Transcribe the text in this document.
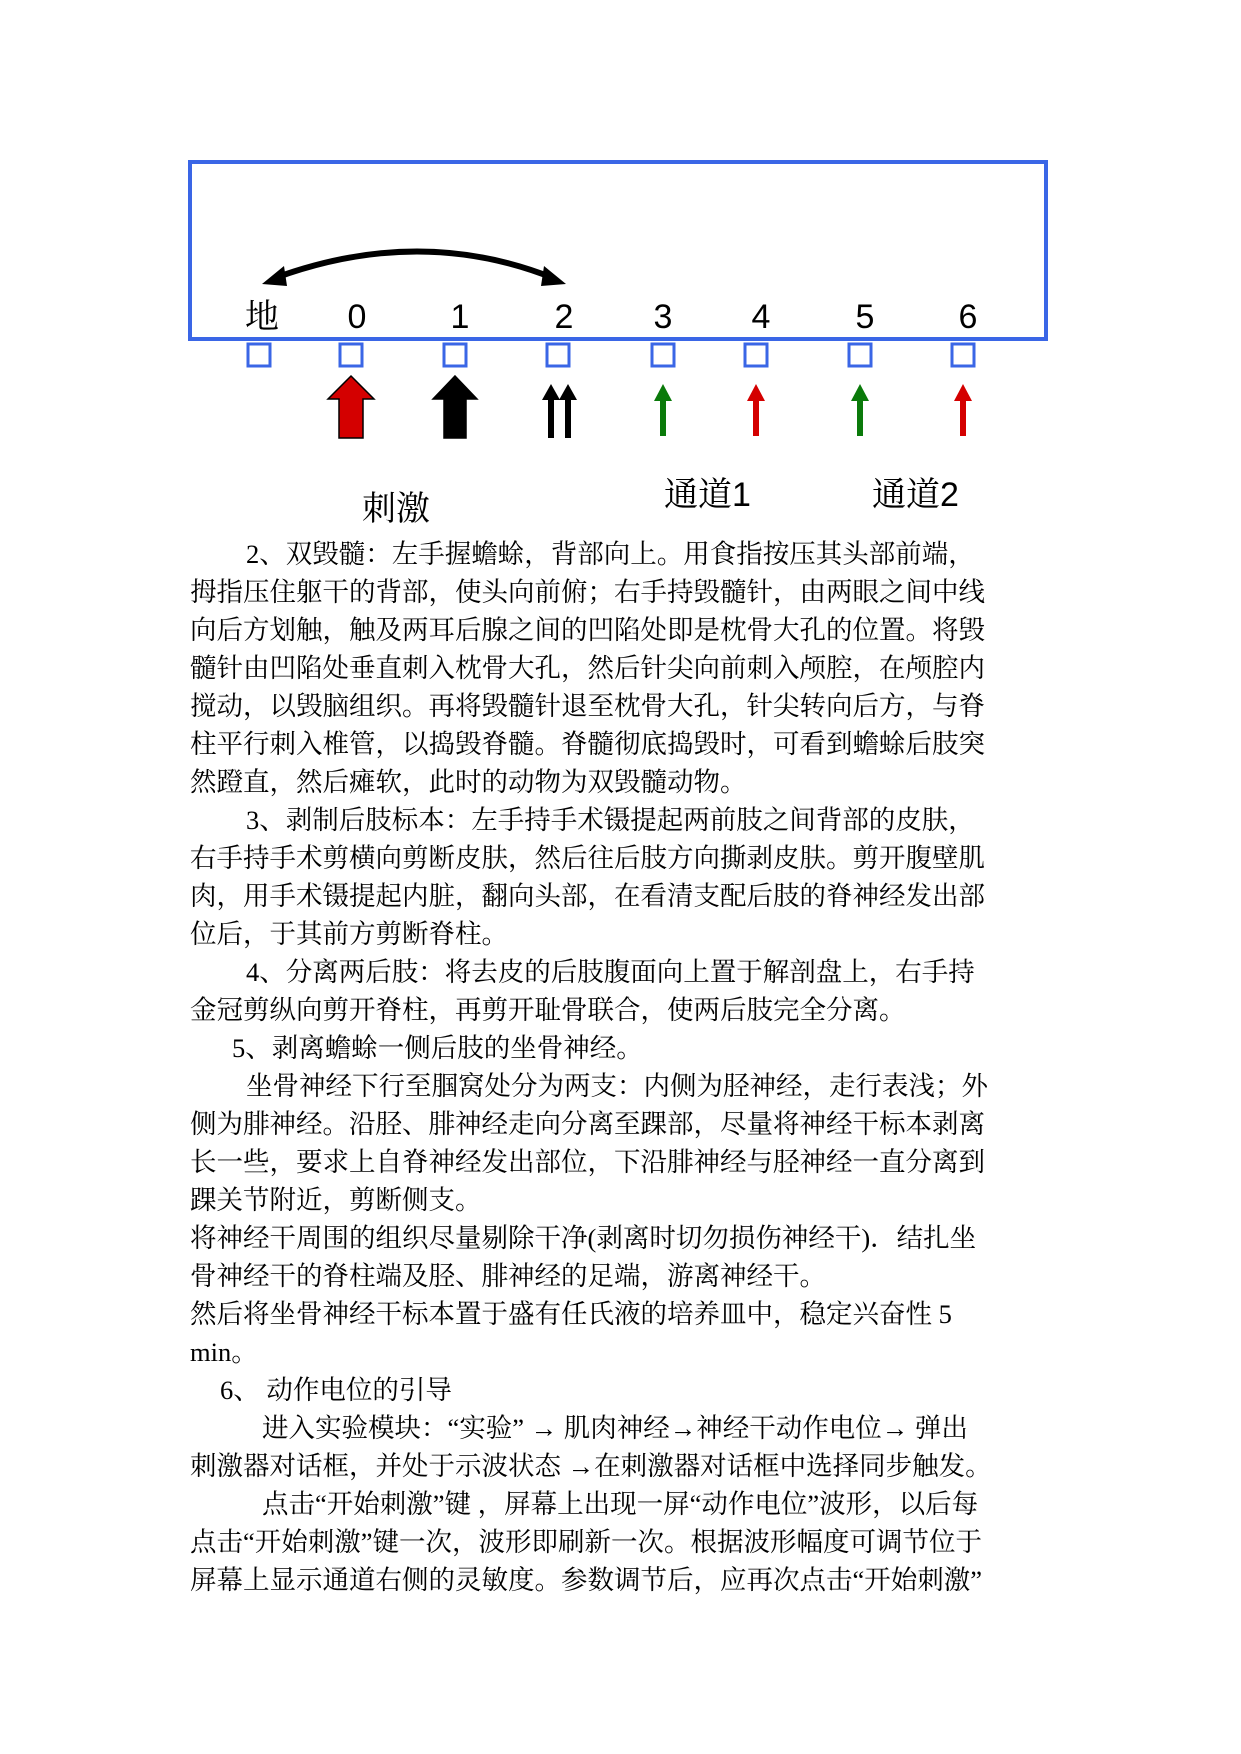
地	0	1	2	3	4	5	6
刺激	通道1	通道2

2、双毁髓：左手握蟾蜍，背部向上。用食指按压其头部前端，

拇指压住躯干的背部，使头向前俯；右手持毁髓针，由两眼之间中线

向后方划触，触及两耳后腺之间的凹陷处即是枕骨大孔的位置。将毁

髓针由凹陷处垂直刺入枕骨大孔，然后针尖向前刺入颅腔，在颅腔内

搅动，以毁脑组织。再将毁髓针退至枕骨大孔，针尖转向后方，与脊

柱平行刺入椎管，以捣毁脊髓。脊髓彻底捣毁时，可看到蟾蜍后肢突

然蹬直，然后瘫软，此时的动物为双毁髓动物。

3、剥制后肢标本：左手持手术镊提起两前肢之间背部的皮肤，

右手持手术剪横向剪断皮肤，然后往后肢方向撕剥皮肤。剪开腹壁肌

肉，用手术镊提起内脏，翻向头部，在看清支配后肢的脊神经发出部

位后，于其前方剪断脊柱。

4、分离两后肢：将去皮的后肢腹面向上置于解剖盘上，右手持

金冠剪纵向剪开脊柱，再剪开耻骨联合，使两后肢完全分离。

5、剥离蟾蜍一侧后肢的坐骨神经。

坐骨神经下行至腘窝处分为两支：内侧为胫神经，走行表浅；外

侧为腓神经。沿胫、腓神经走向分离至踝部，尽量将神经干标本剥离

长一些，要求上自脊神经发出部位，下沿腓神经与胫神经一直分离到

踝关节附近，剪断侧支。

将神经干周围的组织尽量剔除干净(剥离时切勿损伤神经干)．结扎坐

骨神经干的脊柱端及胫、腓神经的足端，游离神经干。

然后将坐骨神经干标本置于盛有任氏液的培养皿中，稳定兴奋性 5

min。

6、 动作电位的引导

进入实验模块：“实验” → 肌肉神经→神经干动作电位→ 弹出

刺激器对话框，并处于示波状态 →在刺激器对话框中选择同步触发。

点击“开始刺激”键 ，屏幕上出现一屏“动作电位”波形，以后每

点击“开始刺激”键一次，波形即刷新一次。根据波形幅度可调节位于

屏幕上显示通道右侧的灵敏度。参数调节后，应再次点击“开始刺激”
